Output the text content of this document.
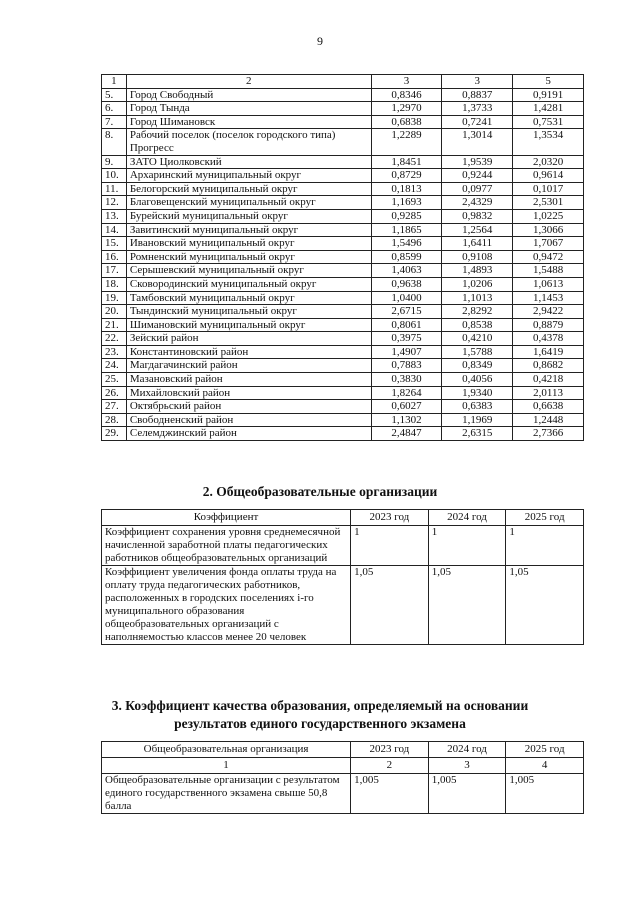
9
1	2	3	3	5
5.	Город Свободный	0,8346	0,8837	0,9191
6.	Город Тында	1,2970	1,3733	1,4281
7.	Город Шимановск	0,6838	0,7241	0,7531
8.	Рабочий поселок (поселок городского типа) Прогресс	1,2289	1,3014	1,3534
9.	ЗАТО Циолковский	1,8451	1,9539	2,0320
10.	Архаринский муниципальный округ	0,8729	0,9244	0,9614
11.	Белогорский муниципальный округ	0,1813	0,0977	0,1017
12.	Благовещенский муниципальный округ	1,1693	2,4329	2,5301
13.	Бурейский муниципальный округ	0,9285	0,9832	1,0225
14.	Завитинский муниципальный округ	1,1865	1,2564	1,3066
15.	Ивановский муниципальный округ	1,5496	1,6411	1,7067
16.	Ромненский муниципальный округ	0,8599	0,9108	0,9472
17.	Серышевский муниципальный округ	1,4063	1,4893	1,5488
18.	Сковородинский муниципальный округ	0,9638	1,0206	1,0613
19.	Тамбовский муниципальный округ	1,0400	1,1013	1,1453
20.	Тындинский муниципальный округ	2,6715	2,8292	2,9422
21.	Шимановский муниципальный округ	0,8061	0,8538	0,8879
22.	Зейский район	0,3975	0,4210	0,4378
23.	Константиновский район	1,4907	1,5788	1,6419
24.	Магдагачинский район	0,7883	0,8349	0,8682
25.	Мазановский район	0,3830	0,4056	0,4218
26.	Михайловский район	1,8264	1,9340	2,0113
27.	Октябрьский район	0,6027	0,6383	0,6638
28.	Свободненский район	1,1302	1,1969	1,2448
29.	Селемджинский район	2,4847	2,6315	2,7366
2. Общеобразовательные организации
Коэффициент	2023 год	2024 год	2025 год
Коэффициент сохранения уровня среднемесячной начисленной заработной платы педагогических работников общеобразовательных организаций	1	1	1
Коэффициент увеличения фонда оплаты труда на оплату труда педагогических работников, расположенных в городских поселениях i-го муниципального образования общеобразовательных организаций с наполняемостью классов менее 20 человек	1,05	1,05	1,05
3. Коэффициент качества образования, определяемый на основании
результатов единого государственного экзамена
Общеобразовательная организация	2023 год	2024 год	2025 год
1	2	3	4
Общеобразовательные организации с результатом единого государственного экзамена свыше 50,8 балла	1,005	1,005	1,005
